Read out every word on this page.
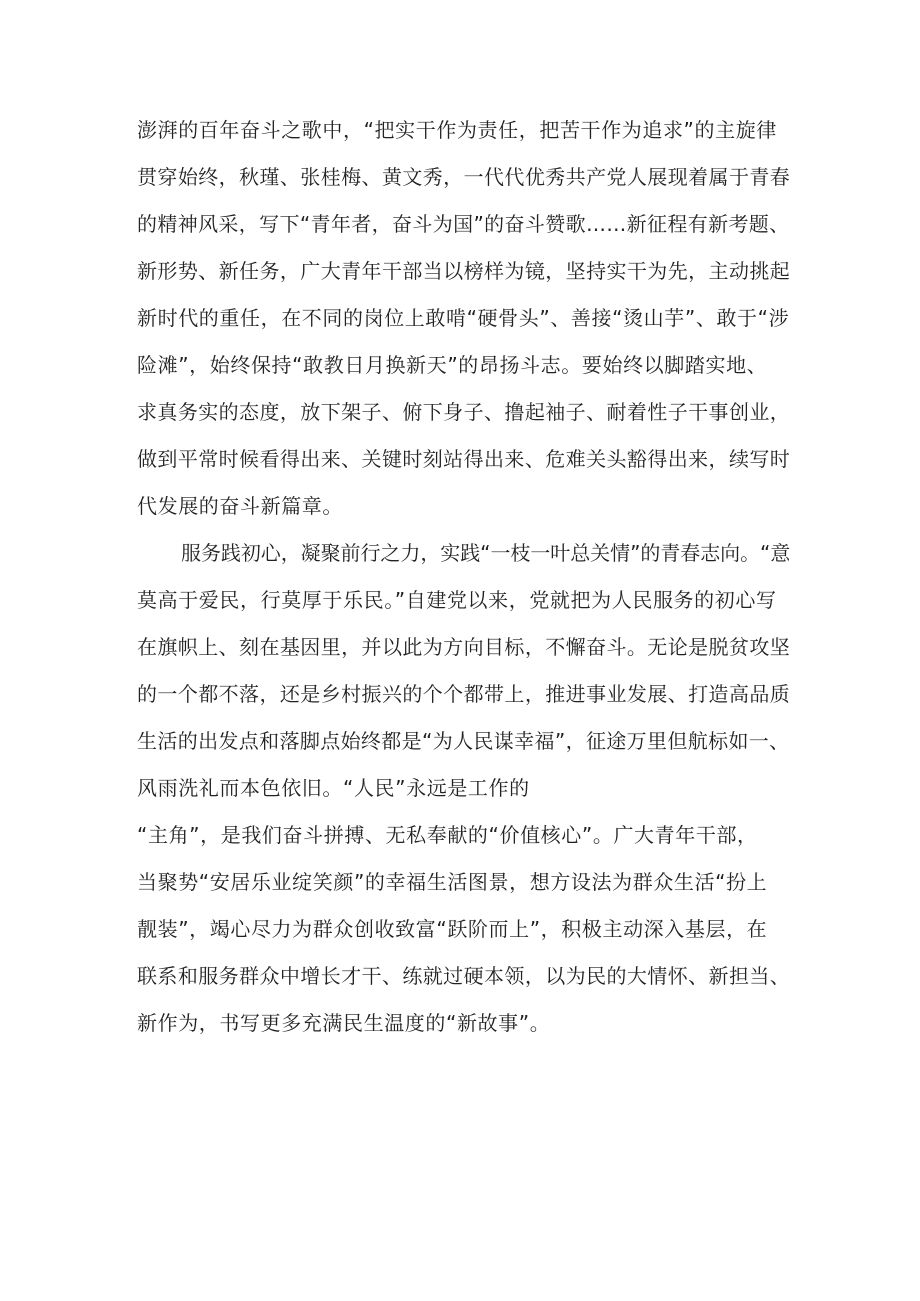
澎湃的百年奋斗之歌中，“把实干作为责任，把苦干作为追求”的主旋律
贯穿始终，秋瑾、张桂梅、黄文秀，一代代优秀共产党人展现着属于青春
的精神风采，写下“青年者，奋斗为国”的奋斗赞歌……新征程有新考题、
新形势、新任务，广大青年干部当以榜样为镜，坚持实干为先，主动挑起
新时代的重任，在不同的岗位上敢啃“硬骨头”、善接“烫山芋”、敢于“涉
险滩”，始终保持“敢教日月换新天”的昂扬斗志。要始终以脚踏实地、
求真务实的态度，放下架子、俯下身子、撸起袖子、耐着性子干事创业，
做到平常时候看得出来、关键时刻站得出来、危难关头豁得出来，续写时
代发展的奋斗新篇章。
服务践初心，凝聚前行之力，实践“一枝一叶总关情”的青春志向。“意
莫高于爱民，行莫厚于乐民。”自建党以来，党就把为人民服务的初心写
在旗帜上、刻在基因里，并以此为方向目标，不懈奋斗。无论是脱贫攻坚
的一个都不落，还是乡村振兴的个个都带上，推进事业发展、打造高品质
生活的出发点和落脚点始终都是“为人民谋幸福”，征途万里但航标如一、
风雨洗礼而本色依旧。“人民”永远是工作的
“主角”，是我们奋斗拼搏、无私奉献的“价值核心”。广大青年干部，
当聚势“安居乐业绽笑颜”的幸福生活图景，想方设法为群众生活“扮上
靓装”，竭心尽力为群众创收致富“跃阶而上”，积极主动深入基层，在
联系和服务群众中增长才干、练就过硬本领，以为民的大情怀、新担当、
新作为，书写更多充满民生温度的“新故事”。
